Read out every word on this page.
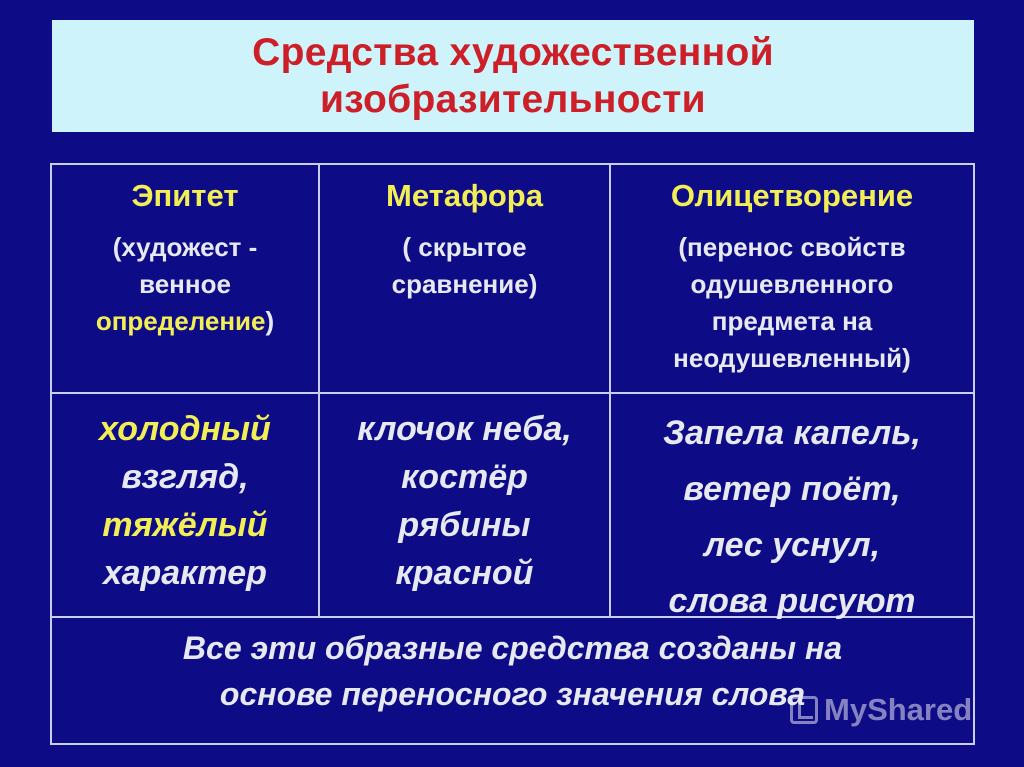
Средства художественной
изобразительности
Эпитет
(художест -
венное
определение)
Метафора
( скрытое
сравнение)
Олицетворение
(перенос свойств
одушевленного
предмета на
неодушевленный)
холодный
взгляд,
тяжёлый
характер
клочок неба,
костёр
рябины
красной
Запела капель,
ветер поёт,
лес уснул,
слова рисуют
Все эти образные средства созданы на
основе переносного значения слова MyShared
